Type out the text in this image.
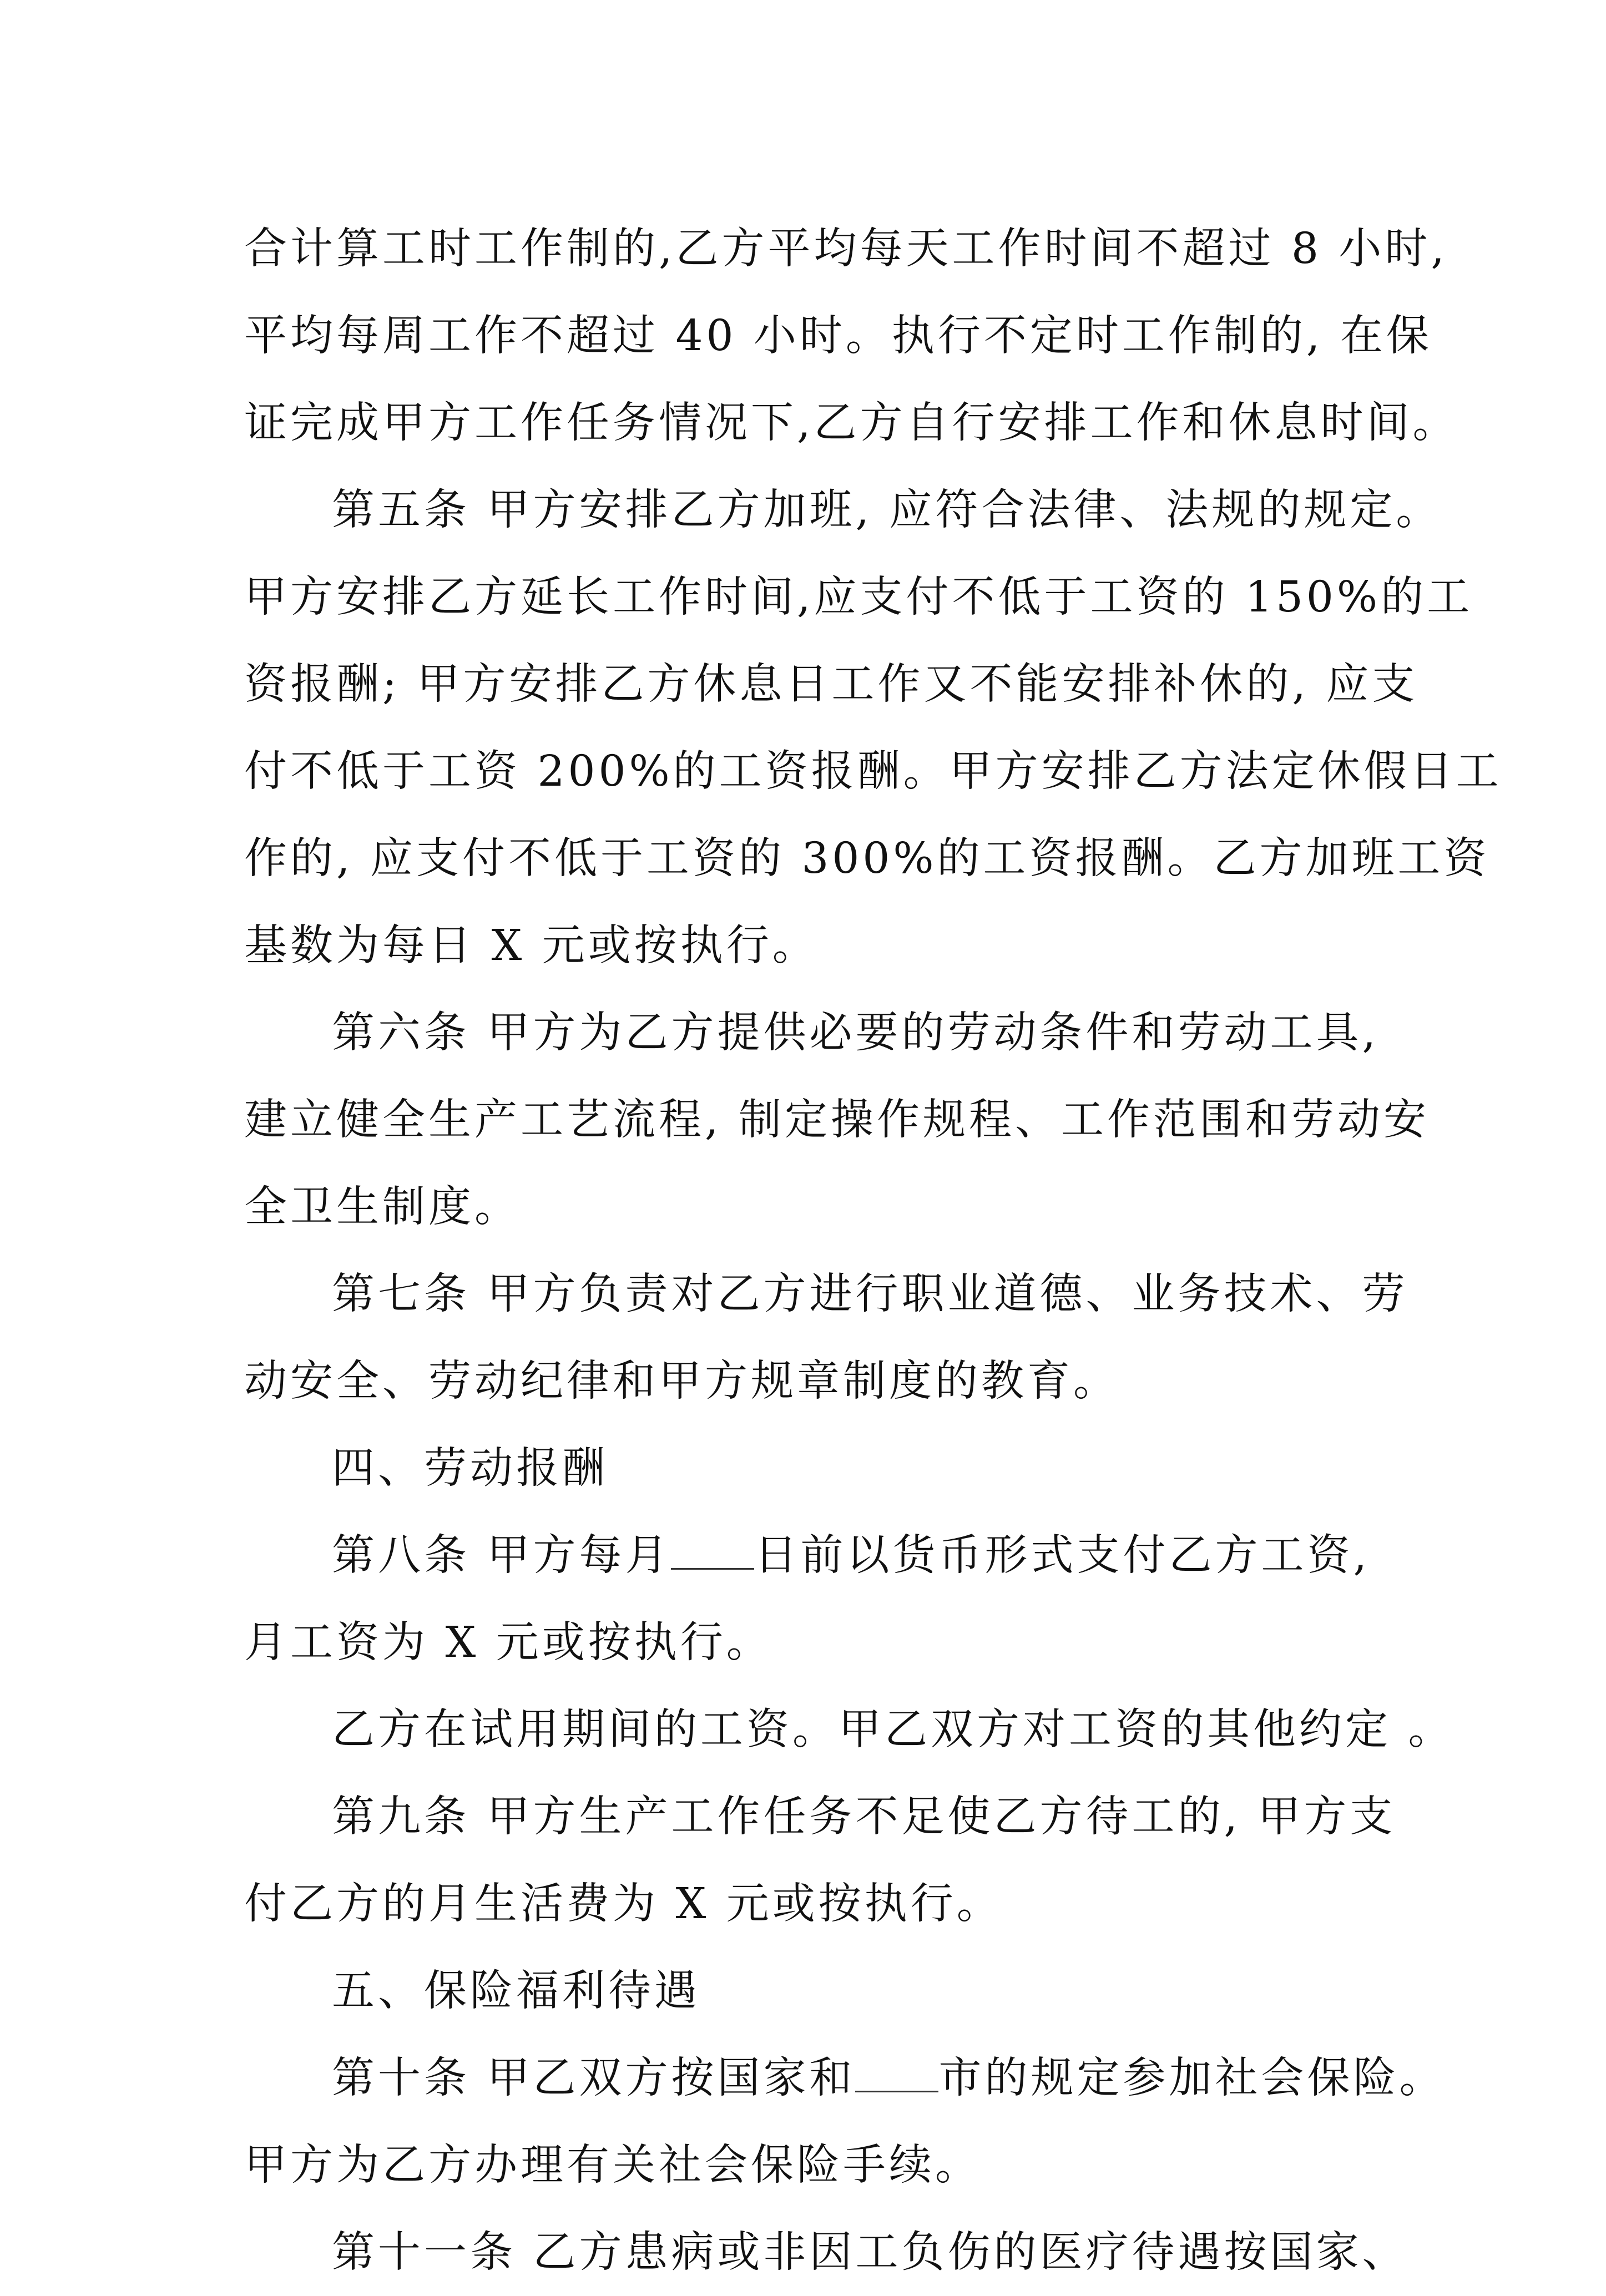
合计算工时工作制的,乙方平均每天工作时间不超过 8 小时,
平均每周工作不超过 40 小时。执行不定时工作制的, 在保
证完成甲方工作任务情况下,乙方自行安排工作和休息时间。
第五条 甲方安排乙方加班, 应符合法律、法规的规定。
甲方安排乙方延长工作时间,应支付不低于工资的 150%的工
资报酬; 甲方安排乙方休息日工作又不能安排补休的, 应支
付不低于工资 200%的工资报酬。甲方安排乙方法定休假日工
作的, 应支付不低于工资的 300%的工资报酬。乙方加班工资
基数为每日 X 元或按执行。
第六条 甲方为乙方提供必要的劳动条件和劳动工具,
建立健全生产工艺流程, 制定操作规程、工作范围和劳动安
全卫生制度。
第七条 甲方负责对乙方进行职业道德、业务技术、劳
动安全、劳动纪律和甲方规章制度的教育。
四、劳动报酬
第八条 甲方每月 日前以货币形式支付乙方工资,
月工资为 X 元或按执行。
乙方在试用期间的工资。甲乙双方对工资的其他约定 。
第九条 甲方生产工作任务不足使乙方待工的, 甲方支
付乙方的月生活费为 X 元或按执行。
五、保险福利待遇
第十条 甲乙双方按国家和 市的规定参加社会保险。
甲方为乙方办理有关社会保险手续。
第十一条 乙方患病或非因工负伤的医疗待遇按国家、
